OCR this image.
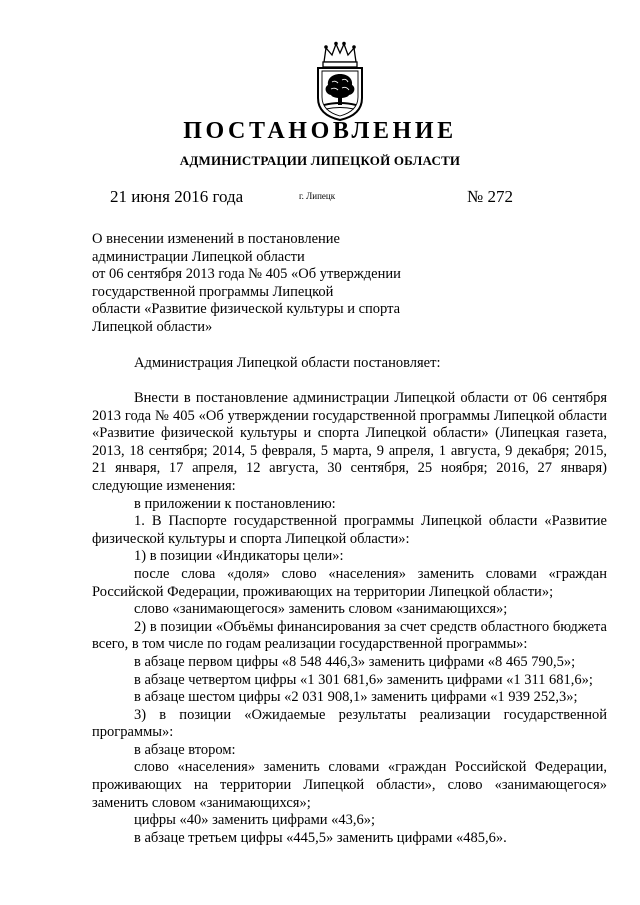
ПОСТАНОВЛЕНИЕ
АДМИНИСТРАЦИИ ЛИПЕЦКОЙ ОБЛАСТИ
21 июня 2016 года	г. Липецк	№ 272
О внесении изменений в постановление
администрации Липецкой области
от 06 сентября 2013 года № 405 «Об утверждении
государственной программы Липецкой
области «Развитие физической культуры и спорта
Липецкой области»
Администрация Липецкой области постановляет:

Внести в постановление администрации Липецкой области от 06 сентября 2013 года № 405 «Об утверждении государственной программы Липецкой области «Развитие физической культуры и спорта Липецкой области» (Липецкая газета, 2013, 18 сентября; 2014, 5 февраля, 5 марта, 9 апреля, 1 августа, 9 декабря; 2015, 21 января, 17 апреля, 12 августа, 30 сентября, 25 ноября; 2016, 27 января) следующие изменения:

в приложении к постановлению:

1. В Паспорте государственной программы Липецкой области «Развитие физической культуры и спорта Липецкой области»:

1) в позиции «Индикаторы цели»:

после слова «доля» слово «населения» заменить словами «граждан Российской Федерации, проживающих на территории Липецкой области»;

слово «занимающегося» заменить словом «занимающихся»;

2) в позиции «Объёмы финансирования за счет средств областного бюджета всего, в том числе по годам реализации государственной программы»:

в абзаце первом цифры «8 548 446,3» заменить цифрами «8 465 790,5»;

в абзаце четвертом цифры «1 301 681,6» заменить цифрами «1 311 681,6»;

в абзаце шестом цифры «2 031 908,1» заменить цифрами «1 939 252,3»;

3) в позиции «Ожидаемые результаты реализации государственной программы»:

в абзаце втором:

слово «населения» заменить словами «граждан Российской Федерации, проживающих на территории Липецкой области», слово «занимающегося» заменить словом «занимающихся»;

цифры «40» заменить цифрами «43,6»;

в абзаце третьем цифры «445,5» заменить цифрами «485,6».
